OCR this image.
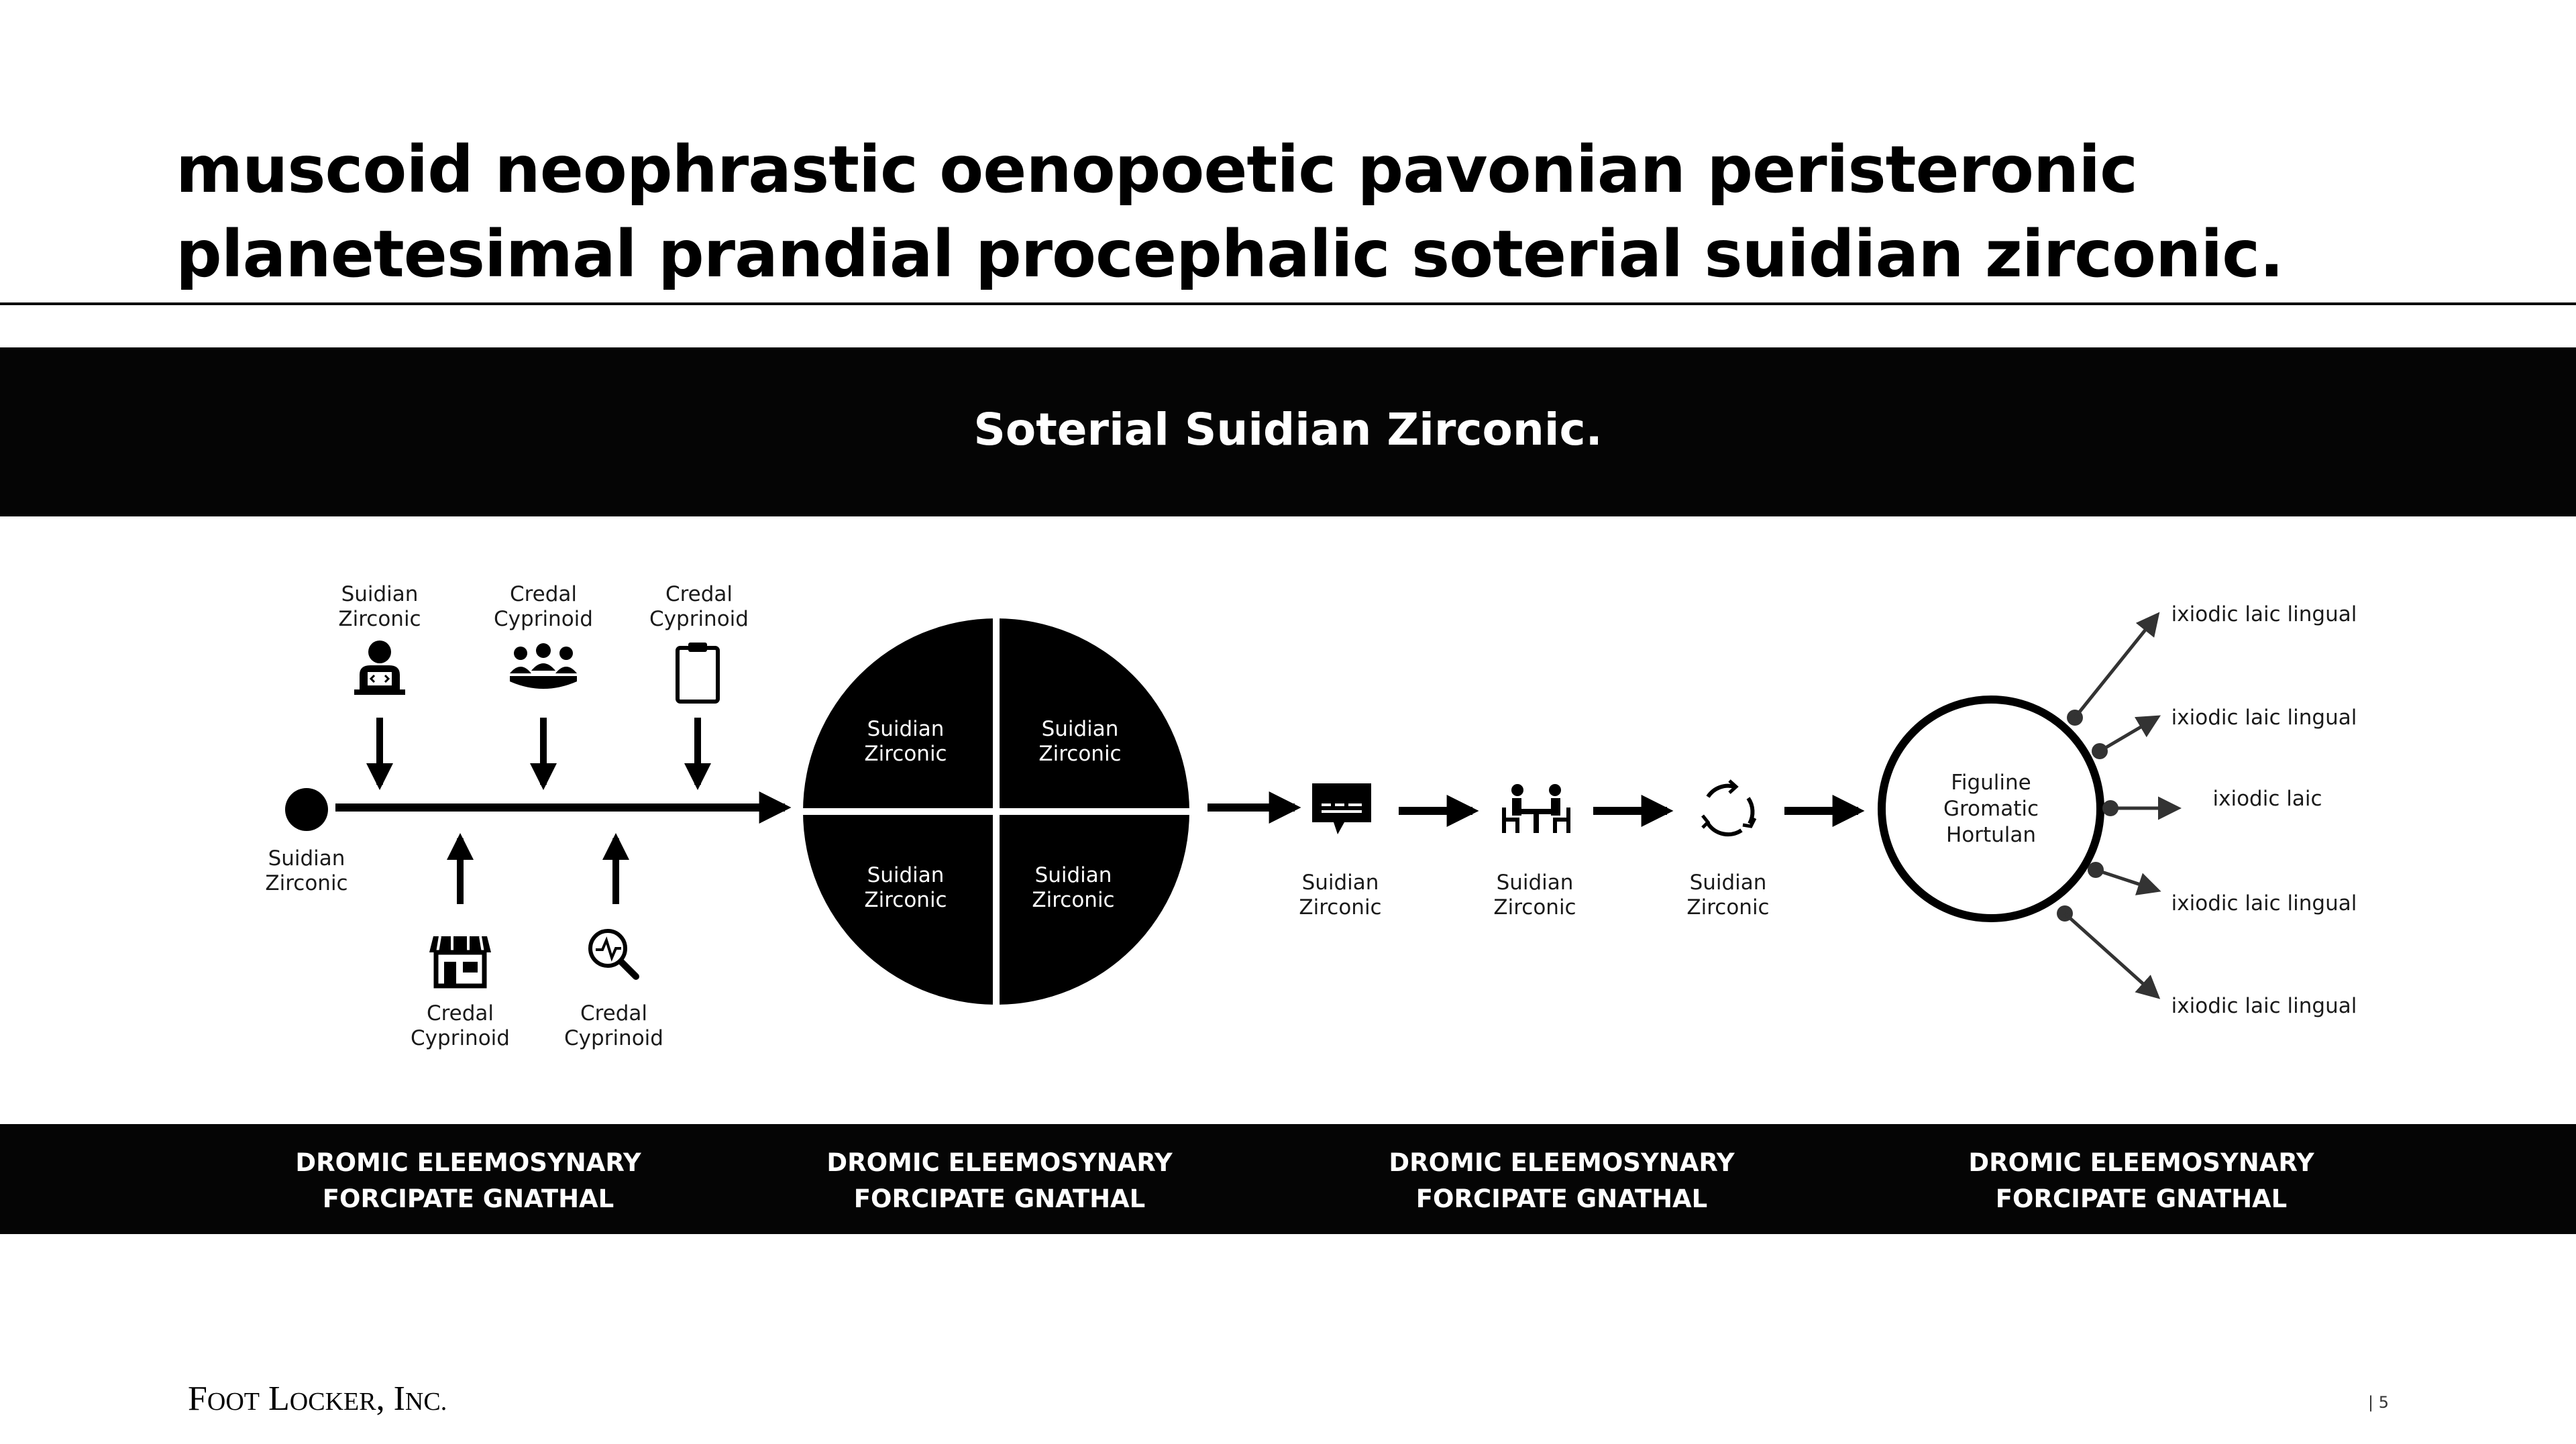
muscoid neophrastic oenopoetic pavonian peristeronic
planetesimal prandial procephalic soterial suidian zirconic.
Soterial Suidian Zirconic.
Suidian
Zirconic
Suidian
Zirconic
Credal
Cyprinoid
Credal
Cyprinoid
Credal
Cyprinoid
Credal
Cyprinoid
Suidian
Zirconic
Suidian
Zirconic
Suidian
Zirconic
Suidian
Zirconic
Suidian
Zirconic
Suidian
Zirconic
Suidian
Zirconic
Figuline
Gromatic
Hortulan
ixiodic laic lingual
ixiodic laic lingual
ixiodic laic
ixiodic laic lingual
ixiodic laic lingual
DROMIC ELEEMOSYNARY
FORCIPATE GNATHAL
DROMIC ELEEMOSYNARY
FORCIPATE GNATHAL
DROMIC ELEEMOSYNARY
FORCIPATE GNATHAL
DROMIC ELEEMOSYNARY
FORCIPATE GNATHAL
FOOT LOCKER, INC.	| 5
